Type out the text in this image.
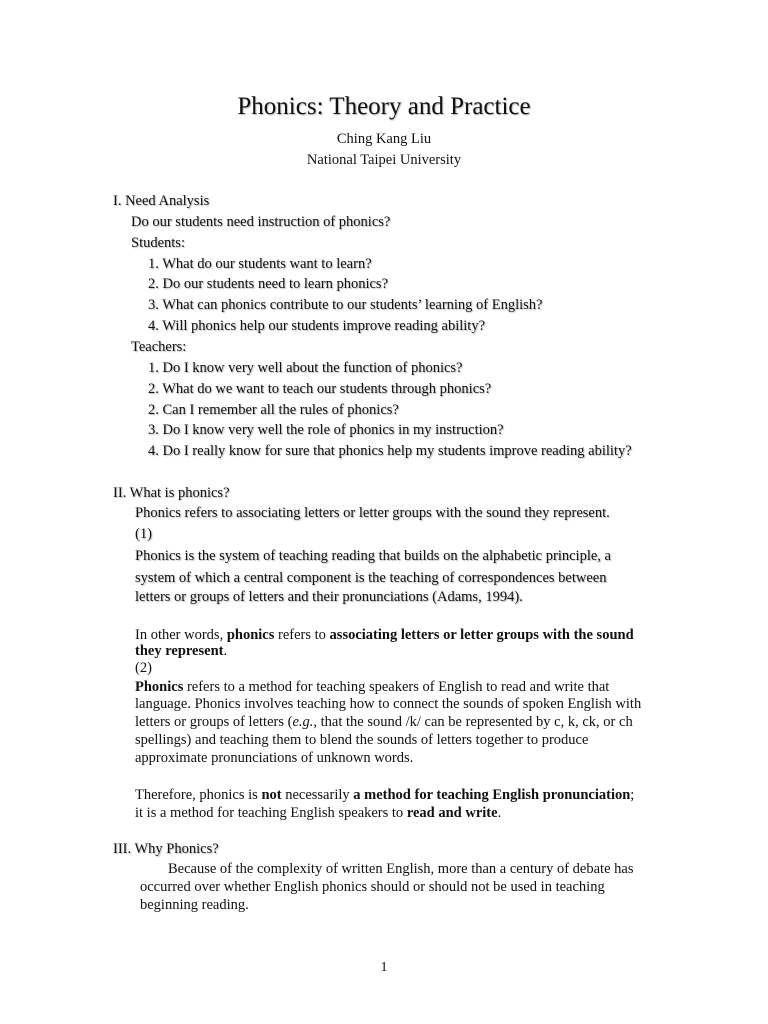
Phonics: Theory and Practice
Ching Kang Liu
National Taipei University
I. Need Analysis
Do our students need instruction of phonics?
Students:
1. What do our students want to learn?
2. Do our students need to learn phonics?
3. What can phonics contribute to our students’ learning of English?
4. Will phonics help our students improve reading ability?
Teachers:
1. Do I know very well about the function of phonics?
2. What do we want to teach our students through phonics?
2. Can I remember all the rules of phonics?
3. Do I know very well the role of phonics in my instruction?
4. Do I really know for sure that phonics help my students improve reading ability?
II. What is phonics?
Phonics refers to associating letters or letter groups with the sound they represent.
(1)
Phonics is the system of teaching reading that builds on the alphabetic principle, a
system of which a central component is the teaching of correspondences between
letters or groups of letters and their pronunciations (Adams, 1994).
In other words, phonics refers to associating letters or letter groups with the sound
they represent.
(2)
Phonics refers to a method for teaching speakers of English to read and write that
language. Phonics involves teaching how to connect the sounds of spoken English with
letters or groups of letters (e.g., that the sound /k/ can be represented by c, k, ck, or ch
spellings) and teaching them to blend the sounds of letters together to produce
approximate pronunciations of unknown words.
Therefore, phonics is not necessarily a method for teaching English pronunciation;
it is a method for teaching English speakers to read and write.
III. Why Phonics?
Because of the complexity of written English, more than a century of debate has
occurred over whether English phonics should or should not be used in teaching
beginning reading.
1
